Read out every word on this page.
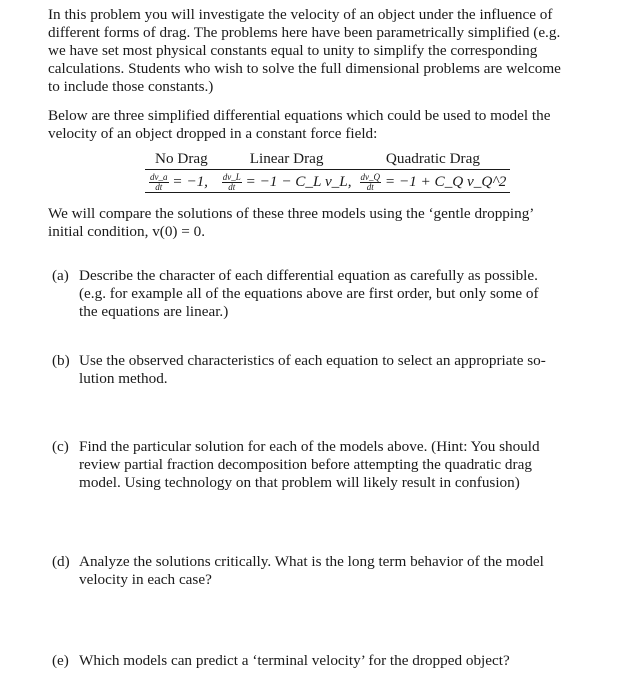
In this problem you will investigate the velocity of an object under the influence of
different forms of drag. The problems here have been parametrically simplified (e.g.
we have set most physical constants equal to unity to simplify the corresponding
calculations. Students who wish to solve the full dimensional problems are welcome
to include those constants.)
Below are three simplified differential equations which could be used to model the
velocity of an object dropped in a constant force field:
No Drag	Linear Drag	Quadratic Drag

$\frac{dv\_a}{dt} = -1$,	$\frac{dv\_L}{dt} = -1$ − C_L v_L,	$\frac{dv\_Q}{dt} = -1$ + C_Q v_Q^2
We will compare the solutions of these three models using the ‘gentle dropping’
initial condition, v(0) = 0.
(a) Describe the character of each differential equation as carefully as possible.
(e.g. for example all of the equations above are first order, but only some of
the equations are linear.)
(b) Use the observed characteristics of each equation to select an appropriate so-
lution method.
(c) Find the particular solution for each of the models above. (Hint: You should
review partial fraction decomposition before attempting the quadratic drag
model. Using technology on that problem will likely result in confusion)
(d) Analyze the solutions critically. What is the long term behavior of the model
velocity in each case?
(e) Which models can predict a ‘terminal velocity’ for the dropped object?
